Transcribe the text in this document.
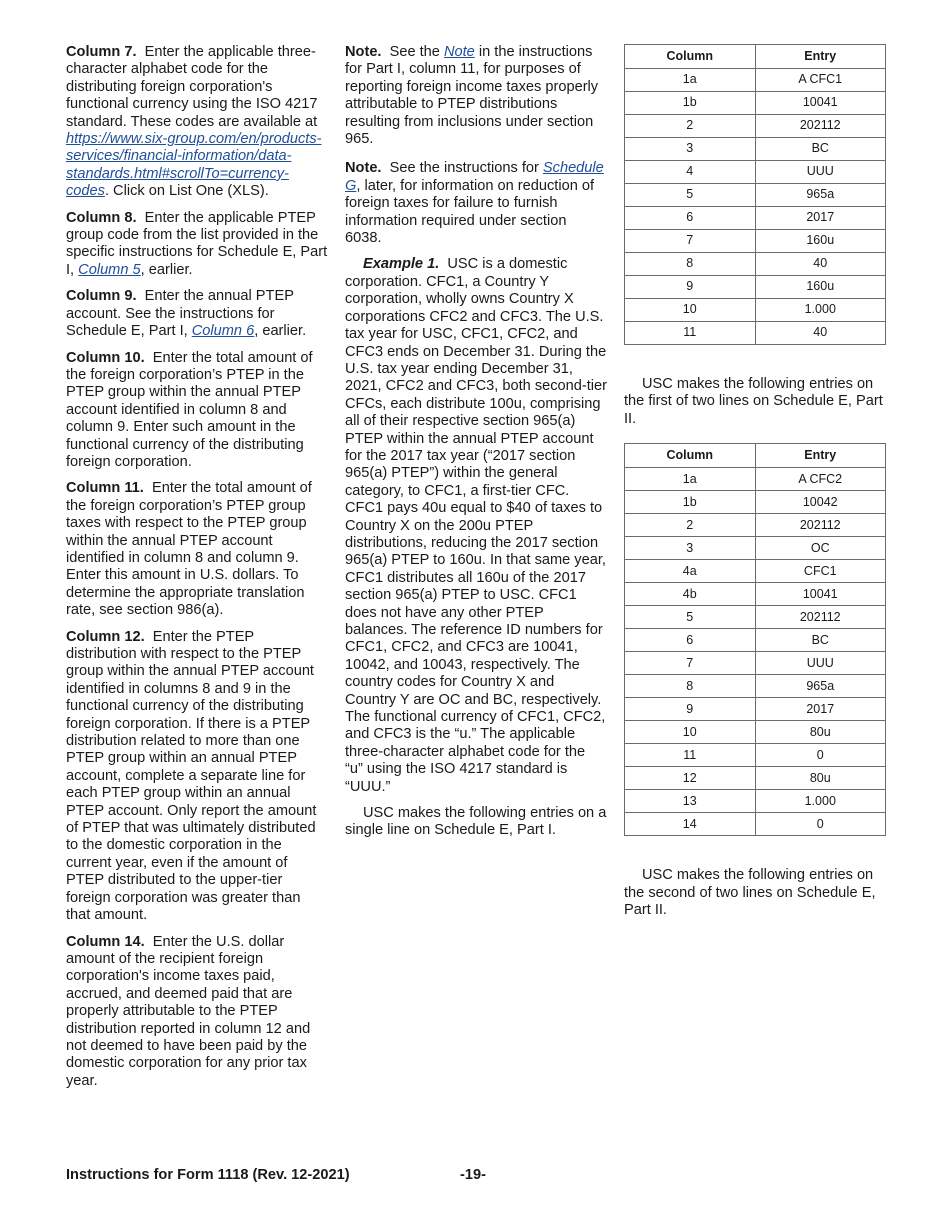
Column 7. Enter the applicable three-character alphabet code for the distributing foreign corporation's functional currency using the ISO 4217 standard. These codes are available at https://www.six-group.com/en/products-services/financial-information/data-standards.html#scrollTo=currency-codes. Click on List One (XLS).

Column 8. Enter the applicable PTEP group code from the list provided in the specific instructions for Schedule E, Part I, Column 5, earlier.

Column 9. Enter the annual PTEP account. See the instructions for Schedule E, Part I, Column 6, earlier.

Column 10. Enter the total amount of the foreign corporation’s PTEP in the PTEP group within the annual PTEP account identified in column 8 and column 9. Enter such amount in the functional currency of the distributing foreign corporation.

Column 11. Enter the total amount of the foreign corporation’s PTEP group taxes with respect to the PTEP group within the annual PTEP account identified in column 8 and column 9. Enter this amount in U.S. dollars. To determine the appropriate translation rate, see section 986(a).

Column 12. Enter the PTEP distribution with respect to the PTEP group within the annual PTEP account identified in columns 8 and 9 in the functional currency of the distributing foreign corporation. If there is a PTEP distribution related to more than one PTEP group within an annual PTEP account, complete a separate line for each PTEP group within an annual PTEP account. Only report the amount of PTEP that was ultimately distributed to the domestic corporation in the current year, even if the amount of PTEP distributed to the upper-tier foreign corporation was greater than that amount.

Column 14. Enter the U.S. dollar amount of the recipient foreign corporation's income taxes paid, accrued, and deemed paid that are properly attributable to the PTEP distribution reported in column 12 and not deemed to have been paid by the domestic corporation for any prior tax year.

Note. See the Note in the instructions for Part I, column 11, for purposes of reporting foreign income taxes properly attributable to PTEP distributions resulting from inclusions under section 965.

Note. See the instructions for Schedule G, later, for information on reduction of foreign taxes for failure to furnish information required under section 6038.

Example 1. USC is a domestic corporation. CFC1, a Country Y corporation, wholly owns Country X corporations CFC2 and CFC3. The U.S. tax year for USC, CFC1, CFC2, and CFC3 ends on December 31. During the U.S. tax year ending December 31, 2021, CFC2 and CFC3, both second-tier CFCs, each distribute 100u, comprising all of their respective section 965(a) PTEP within the annual PTEP account for the 2017 tax year (“2017 section 965(a) PTEP”) within the general category, to CFC1, a first-tier CFC. CFC1 pays 40u equal to $40 of taxes to Country X on the 200u PTEP distributions, reducing the 2017 section 965(a) PTEP to 160u. In that same year, CFC1 distributes all 160u of the 2017 section 965(a) PTEP to USC. CFC1 does not have any other PTEP balances. The reference ID numbers for CFC1, CFC2, and CFC3 are 10041, 10042, and 10043, respectively. The country codes for Country X and Country Y are OC and BC, respectively. The functional currency of CFC1, CFC2, and CFC3 is the “u.” The applicable three-character alphabet code for the “u” using the ISO 4217 standard is “UUU.”

USC makes the following entries on a single line on Schedule E, Part I.

Column	Entry
1a	A CFC1
1b	10041
2	202112
3	BC
4	UUU
5	965a
6	2017
7	160u
8	40
9	160u
10	1.000
11	40

USC makes the following entries on the first of two lines on Schedule E, Part II.

Column	Entry
1a	A CFC2
1b	10042
2	202112
3	OC
4a	CFC1
4b	10041
5	202112
6	BC
7	UUU
8	965a
9	2017
10	80u
11	0
12	80u
13	1.000
14	0

USC makes the following entries on the second of two lines on Schedule E, Part II.

Instructions for Form 1118 (Rev. 12-2021)	-19-
